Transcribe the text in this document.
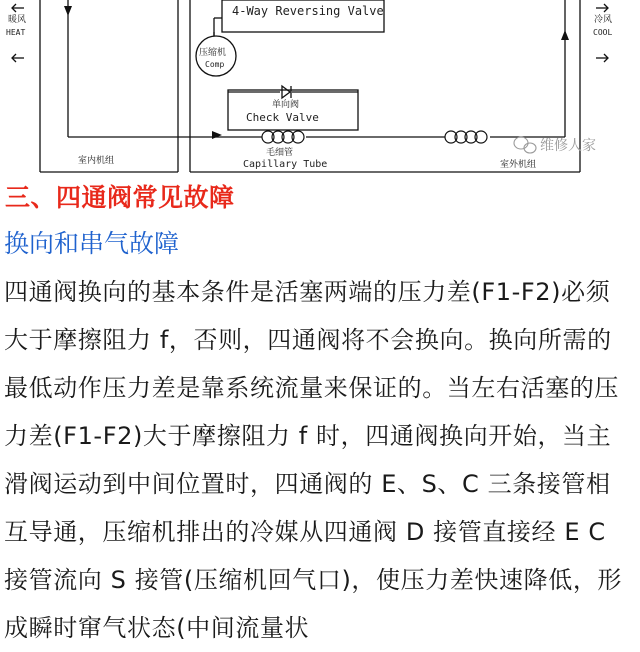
暖风
HEAT
冷风
COOL
4-Way Reversing Valve
压缩机
Comp
单向阀
Check Valve
毛细管
Capillary Tube
室内机组	室外机组
维修人家
三、四通阀常见故障
换向和串气故障

四通阀换向的基本条件是活塞两端的压力差(F1-F2)必须大于摩擦阻力 f，否则，四通阀将不会换向。换向所需的最低动作压力差是靠系统流量来保证的。当左右活塞的压力差(F1-F2)大于摩擦阻力 f 时，四通阀换向开始，当主滑阀运动到中间位置时，四通阀的 E、S、C 三条接管相互导通，压缩机排出的冷媒从四通阀 D 接管直接经 E C 接管流向 S 接管(压缩机回气口)，使压力差快速降低，形成瞬时窜气状态(中间流量状
